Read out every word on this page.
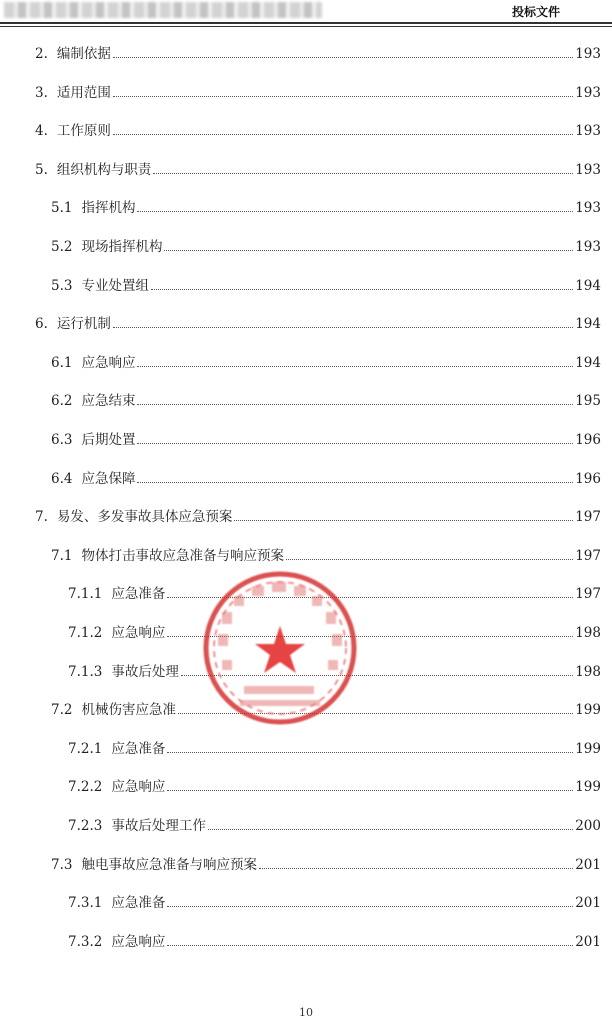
投标文件
2. 编制依据	193
3. 适用范围	193
4. 工作原则	193
5. 组织机构与职责	193
5.1 指挥机构	193
5.2 现场指挥机构	193
5.3 专业处置组	194
6. 运行机制	194
6.1 应急响应	194
6.2 应急结束	195
6.3 后期处置	196
6.4 应急保障	196
7. 易发、多发事故具体应急预案	197
7.1 物体打击事故应急准备与响应预案	197
7.1.1 应急准备	197
7.1.2 应急响应	198
7.1.3 事故后处理	198
7.2 机械伤害应急准	199
7.2.1 应急准备	199
7.2.2 应急响应	199
7.2.3 事故后处理工作	200
7.3 触电事故应急准备与响应预案	201
7.3.1 应急准备	201
7.3.2 应急响应	201
10
